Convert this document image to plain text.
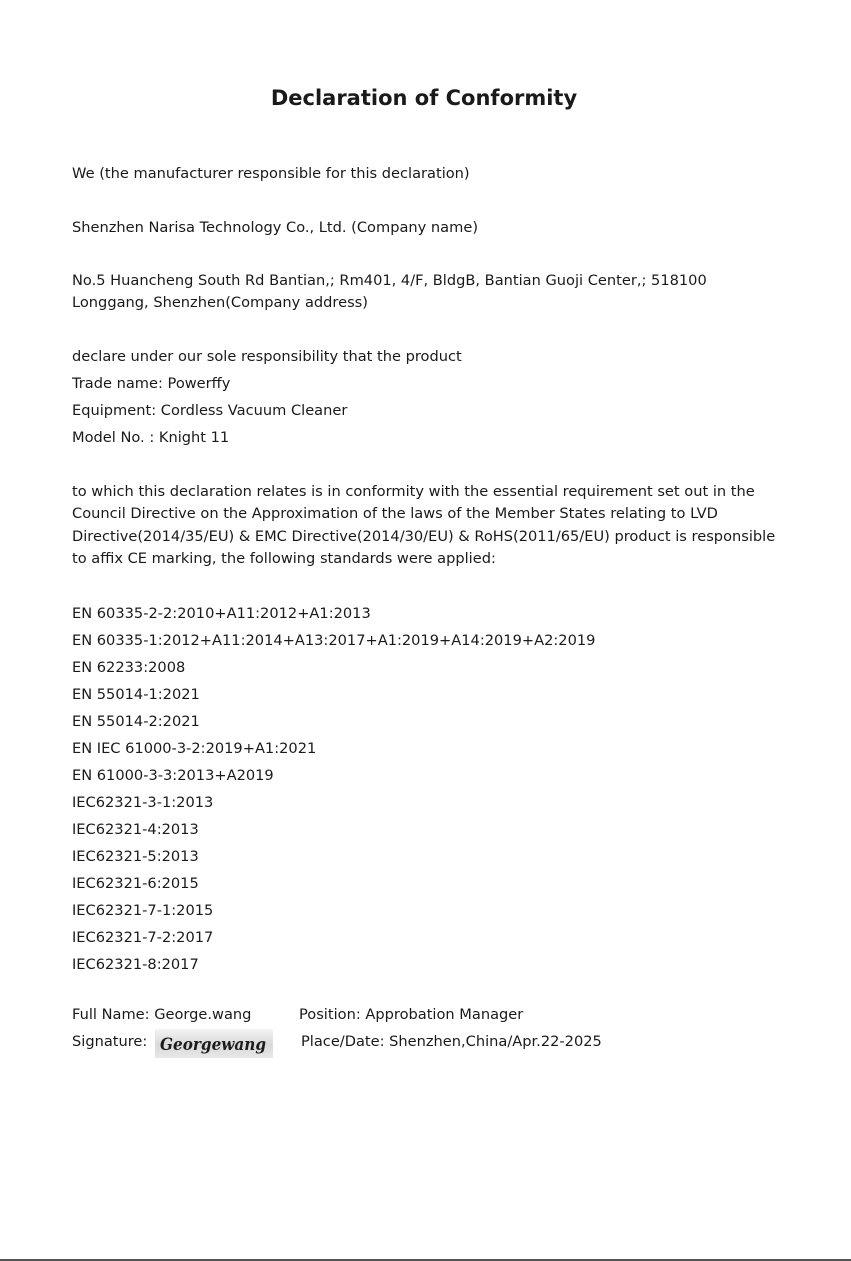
Declaration of Conformity
We (the manufacturer responsible for this declaration)
Shenzhen Narisa Technology Co., Ltd. (Company name)
No.5 Huancheng South Rd Bantian,; Rm401, 4/F, BldgB, Bantian Guoji Center,; 518100
Longgang, Shenzhen(Company address)
declare under our sole responsibility that the product
Trade name: Powerffy
Equipment: Cordless Vacuum Cleaner
Model No. : Knight 11
to which this declaration relates is in conformity with the essential requirement set out in the Council Directive on the Approximation of the laws of the Member States relating to LVD Directive(2014/35/EU) & EMC Directive(2014/30/EU) & RoHS(2011/65/EU) product is responsible to affix CE marking, the following standards were applied:
EN 60335-2-2:2010+A11:2012+A1:2013
EN 60335-1:2012+A11:2014+A13:2017+A1:2019+A14:2019+A2:2019
EN 62233:2008
EN 55014-1:2021
EN 55014-2:2021
EN IEC 61000-3-2:2019+A1:2021
EN 61000-3-3:2013+A2019
IEC62321-3-1:2013
IEC62321-4:2013
IEC62321-5:2013
IEC62321-6:2015
IEC62321-7-1:2015
IEC62321-7-2:2017
IEC62321-8:2017
Full Name: George.wang	Position: Approbation Manager
Signature: Georgewang Place/Date: Shenzhen,China/Apr.22-2025
